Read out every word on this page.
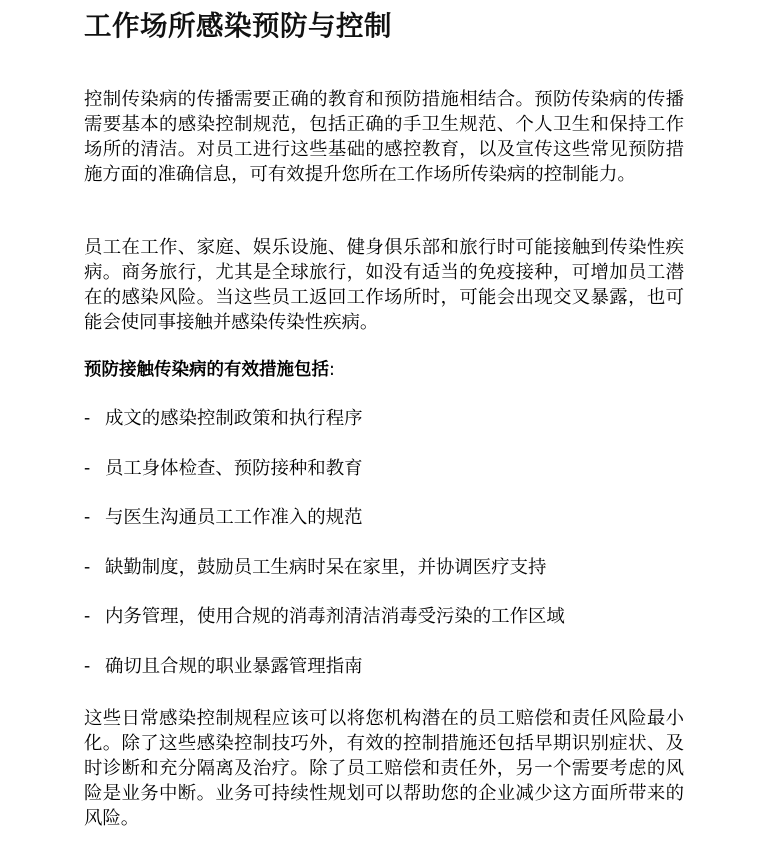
工作场所感染预防与控制

控制传染病的传播需要正确的教育和预防措施相结合。预防传染病的传播需要基本的感染控制规范，包括正确的手卫生规范、个人卫生和保持工作场所的清洁。对员工进行这些基础的感控教育，以及宣传这些常见预防措施方面的准确信息，可有效提升您所在工作场所传染病的控制能力。

员工在工作、家庭、娱乐设施、健身俱乐部和旅行时可能接触到传染性疾病。商务旅行，尤其是全球旅行，如没有适当的免疫接种，可增加员工潜在的感染风险。当这些员工返回工作场所时，可能会出现交叉暴露，也可能会使同事接触并感染传染性疾病。

预防接触传染病的有效措施包括:

- 成文的感染控制政策和执行程序
- 员工身体检查、预防接种和教育
- 与医生沟通员工工作准入的规范
- 缺勤制度，鼓励员工生病时呆在家里，并协调医疗支持
- 内务管理，使用合规的消毒剂清洁消毒受污染的工作区域
- 确切且合规的职业暴露管理指南

这些日常感染控制规程应该可以将您机构潜在的员工赔偿和责任风险最小化。除了这些感染控制技巧外，有效的控制措施还包括早期识别症状、及时诊断和充分隔离及治疗。除了员工赔偿和责任外，另一个需要考虑的风险是业务中断。业务可持续性规划可以帮助您的企业减少这方面所带来的风险。
